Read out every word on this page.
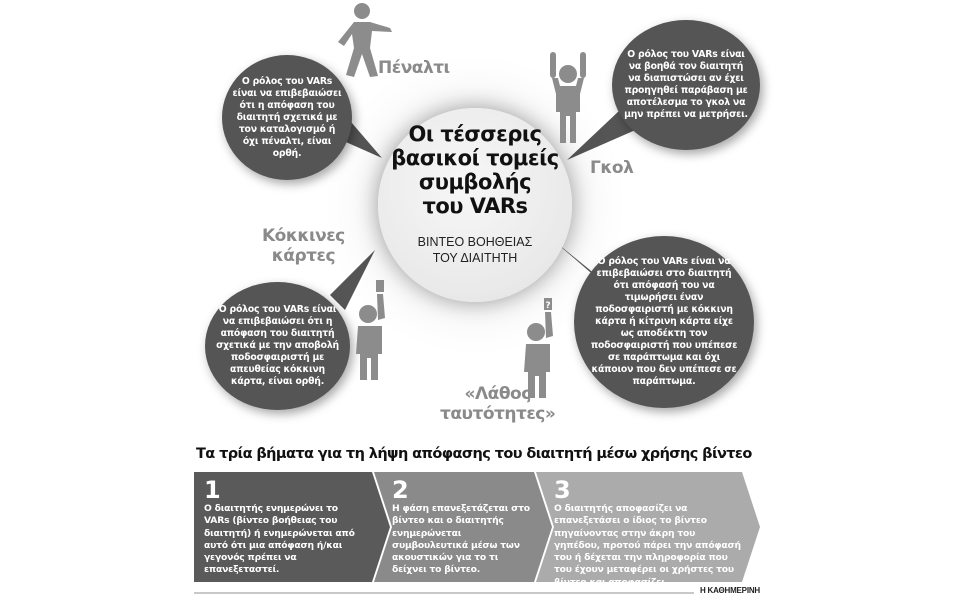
Οι τέσσερις
βασικοί τομείς
συμβολής
του VARs
ΒΙΝΤΕΟ ΒΟΗΘΕΙΑΣ
ΤΟΥ ΔΙΑΙΤΗΤΗ
Ο ρόλος του VARs είναι να επιβεβαιώσει ότι η απόφαση του διαιτητή σχετικά με τον καταλογισμό ή όχι πέναλτι, είναι ορθή.
Πέναλτι
Ο ρόλος του VARs είναι να βοηθά τον διαιτητή να διαπιστώσει αν έχει προηγηθεί παράβαση με αποτέλεσμα το γκολ να μην πρέπει να μετρήσει.
Γκολ
Κόκκινες
κάρτες
Ο ρόλος του VARs είναι να επιβεβαιώσει ότι η απόφαση του διαιτητή σχετικά με την αποβολή ποδοσφαιριστή με απευθείας κόκκινη κάρτα, είναι ορθή.
?
«Λάθος
ταυτότητες»
Ο ρόλος του VARs είναι να επιβεβαιώσει στο διαιτητή ότι απόφασή του να τιμωρήσει έναν ποδοσφαιριστή με κόκκινη κάρτα ή κίτρινη κάρτα είχε ως αποδέκτη τον ποδοσφαιριστή που υπέπεσε σε παράπτωμα και όχι κάποιον που δεν υπέπεσε σε παράπτωμα.
Τα τρία βήματα για τη λήψη απόφασης του διαιτητή μέσω χρήσης βίντεο
1
Ο διαιτητής ενημερώνει το VARs (βίντεο βοήθειας του διαιτητή) ή ενημερώνεται από αυτό ότι μια απόφαση ή/και γεγονός πρέπει να επανεξεταστεί.
2
Η φάση επανεξετάζεται στο βίντεο και ο διαιτητής ενημερώνεται συμβουλευτικά μέσω των ακουστικών για το τι δείχνει το βίντεο.
3
Ο διαιτητής αποφασίζει να επανεξετάσει ο ίδιος το βίντεο πηγαίνοντας στην άκρη του γηπέδου, προτού πάρει την απόφασή του ή δέχεται την πληροφορία που του έχουν μεταφέρει οι χρήστες του βίντεο και αποφασίζει.
Η ΚΑΘΗΜΕΡΙΝΗ
